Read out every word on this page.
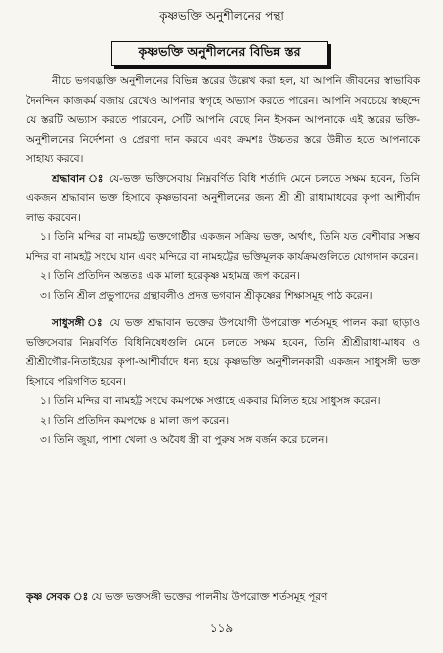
কৃষ্ণভক্তি অনুশীলনের পন্থা
কৃষ্ণভক্তি অনুশীলনের বিভিন্ন স্তর

নীচে ভগবদ্ভক্তি অনুশীলনের বিভিন্ন স্তরের উল্লেখ করা হল, যা আপনি জীবনের স্বাভাবিক দৈনন্দিন কাজকর্ম বজায় রেখেও আপনার স্বগৃহে অভ্যাস করতে পারেন। আপনি সবচেয়ে স্বচ্ছন্দে যে স্তরটি অভ্যাস করতে পারবেন, সেটি আপনি বেছে নিন ইসকন আপনাকে এই স্তরের ভক্তি-অনুশীলনের নির্দেশনা ও প্রেরণা দান করবে এবং ক্রমশঃ উচ্চতর স্তরে উন্নীত হতে আপনাকে সাহায্য করবে।

শ্রদ্ধাবান ঃ যে-ভক্ত ভক্তিসেবায় নিম্নবর্ণিত বিধি শর্তাদি মেনে চলতে সক্ষম হবেন, তিনি একজন শ্রদ্ধাবান ভক্ত হিসাবে কৃষ্ণভাবনা অনুশীলনের জন্য শ্রী শ্রী রাধামাধবের কৃপা আশীর্বাদ লাভ করবেন।

১। তিনি মন্দির বা নামহট্ট ভক্তগোষ্ঠীর একজন সক্রিয় ভক্ত, অর্থাৎ, তিনি যত বেশীবার সম্ভব মন্দির বা নামহট্ট সংঘে যান এবং মন্দিরে বা নামহট্টের ভক্তিমূলক কার্যক্রমগুলিতে যোগদান করেন।

২। তিনি প্রতিদিন অন্ততঃ এক মালা হরেকৃষ্ণ মহামন্ত্র জপ করেন।

৩। তিনি শ্রীল প্রভুপাদের গ্রন্থাবলীও প্রদত্ত ভগবান শ্রীকৃষ্ণের শিক্ষাসমূহ পাঠ করেন।

সাধুসঙ্গী ঃ যে ভক্ত শ্রদ্ধাবান ভক্তের উপযোগী উপরোক্ত শর্তসমূহ পালন করা ছাড়াও ভক্তিসেবার নিম্নবর্ণিত বিধিনিষেধগুলি মেনে চলতে সক্ষম হবেন, তিনি শ্রীশ্রীরাধা-মাধব ও শ্রীশ্রীগৌর-নিতাইয়ের কৃপা-আশীর্বাদে ধন্য হয়ে কৃষ্ণভক্তি অনুশীলনকারী একজন সাধুসঙ্গী ভক্ত হিসাবে পরিগণিত হবেন।

১। তিনি মন্দির বা নামহট্ট সংঘে কমপক্ষে সপ্তাহে একবার মিলিত হয়ে সাধুসঙ্গ করেন।

২। তিনি প্রতিদিন কমপক্ষে ৪ মালা জপ করেন।

৩। তিনি জুয়া, পাশা খেলা ও অবৈধ স্ত্রী বা পুরুষ সঙ্গ বর্জন করে চলেন।

কৃষ্ণ সেবক ঃ যে ভক্ত ভক্তসঙ্গী ভক্তের পালনীয় উপরোক্ত শর্তসমূহ পূরণ
১১৯
